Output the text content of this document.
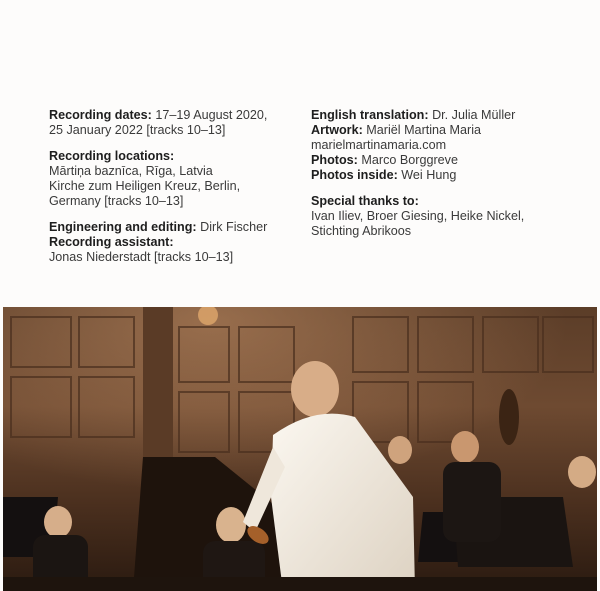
Recording dates: 17–19 August 2020,
25 January 2022 [tracks 10–13]
Recording locations:
Mārtiņa baznīca, Rīga, Latvia
Kirche zum Heiligen Kreuz, Berlin,
Germany [tracks 10–13]
Engineering and editing: Dirk Fischer
Recording assistant:
Jonas Niederstadt [tracks 10–13]
English translation: Dr. Julia Müller
Artwork: Mariël Martina Maria
marielmartinamaria.com
Photos: Marco Borggreve
Photos inside: Wei Hung
Special thanks to:
Ivan Iliev, Broer Giesing, Heike Nickel,
Stichting Abrikoos
